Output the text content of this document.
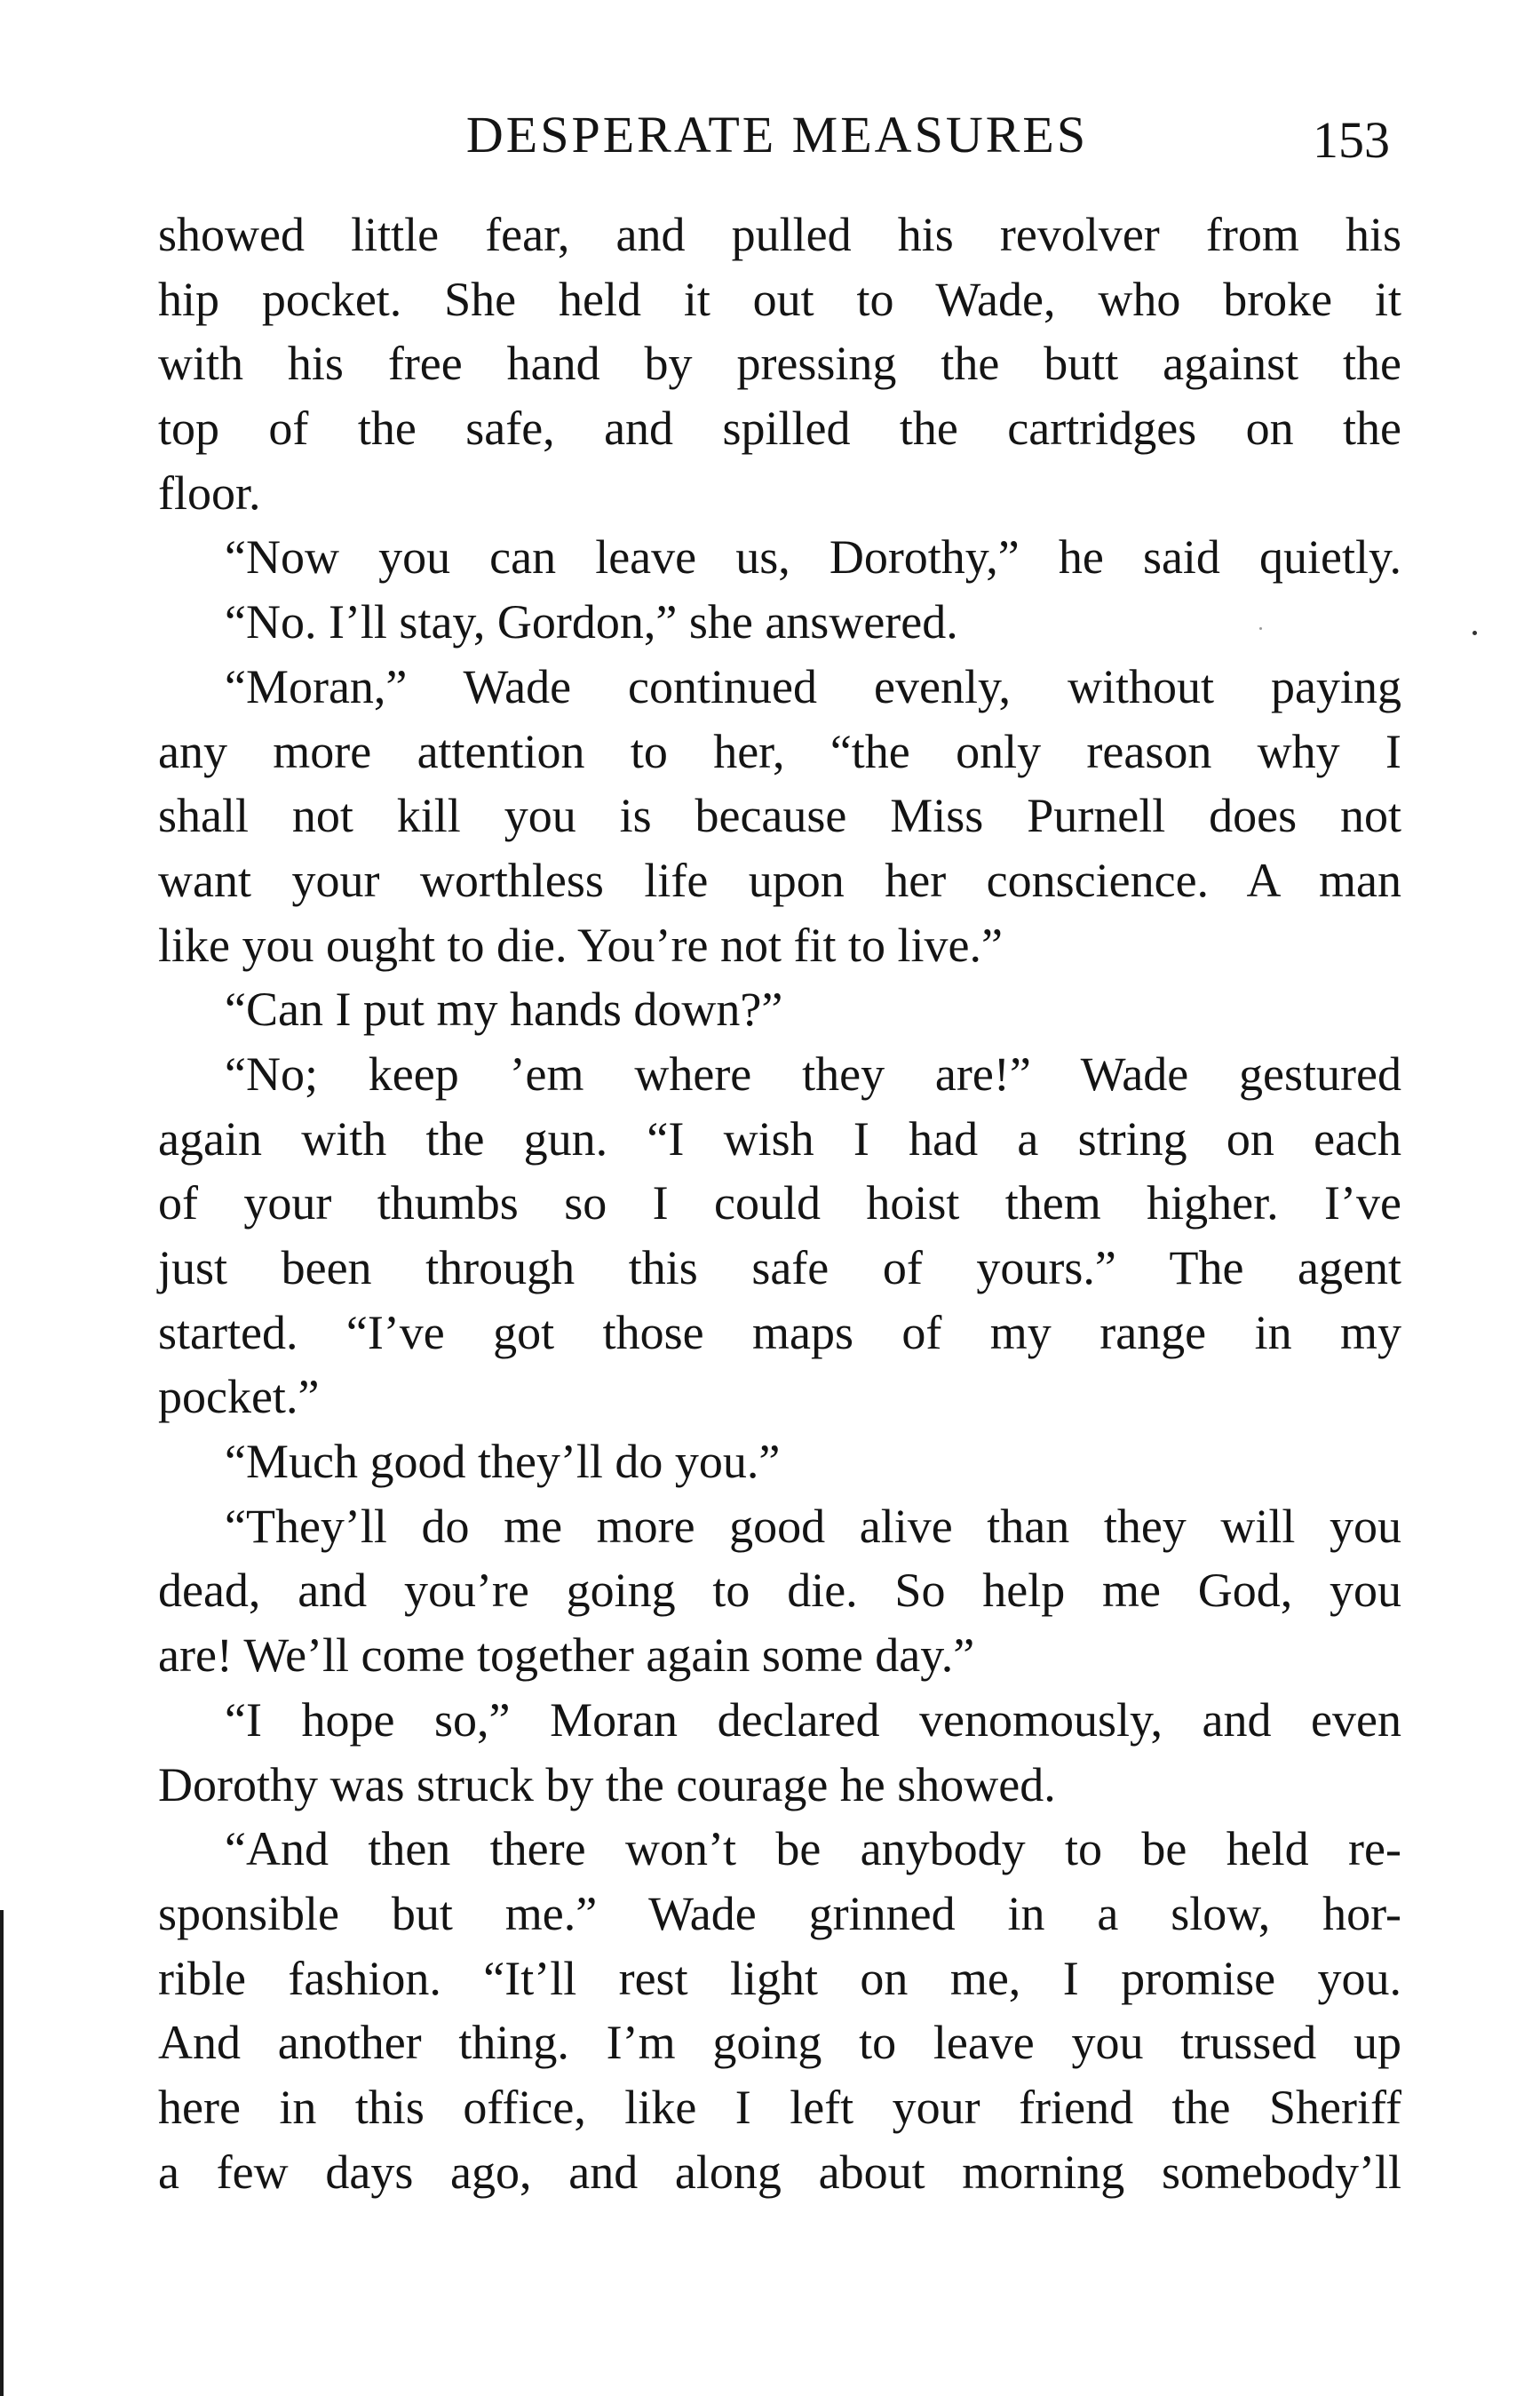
DESPERATE MEASURES	153
showed little fear, and pulled his revolver from his
hip pocket. She held it out to Wade, who broke it
with his free hand by pressing the butt against the
top of the safe, and spilled the cartridges on the
floor.
“Now you can leave us, Dorothy,” he said quietly.
“No. I’ll stay, Gordon,” she answered.
“Moran,” Wade continued evenly, without paying
any more attention to her, “the only reason why I
shall not kill you is because Miss Purnell does not
want your worthless life upon her conscience. A man
like you ought to die. You’re not fit to live.”
“Can I put my hands down?”
“No; keep ’em where they are!” Wade gestured
again with the gun. “I wish I had a string on each
of your thumbs so I could hoist them higher. I’ve
just been through this safe of yours.” The agent
started. “I’ve got those maps of my range in my
pocket.”
“Much good they’ll do you.”
“They’ll do me more good alive than they will you
dead, and you’re going to die. So help me God, you
are! We’ll come together again some day.”
“I hope so,” Moran declared venomously, and even
Dorothy was struck by the courage he showed.
“And then there won’t be anybody to be held re-
sponsible but me.” Wade grinned in a slow, hor-
rible fashion. “It’ll rest light on me, I promise you.
And another thing. I’m going to leave you trussed up
here in this office, like I left your friend the Sheriff
a few days ago, and along about morning somebody’ll
